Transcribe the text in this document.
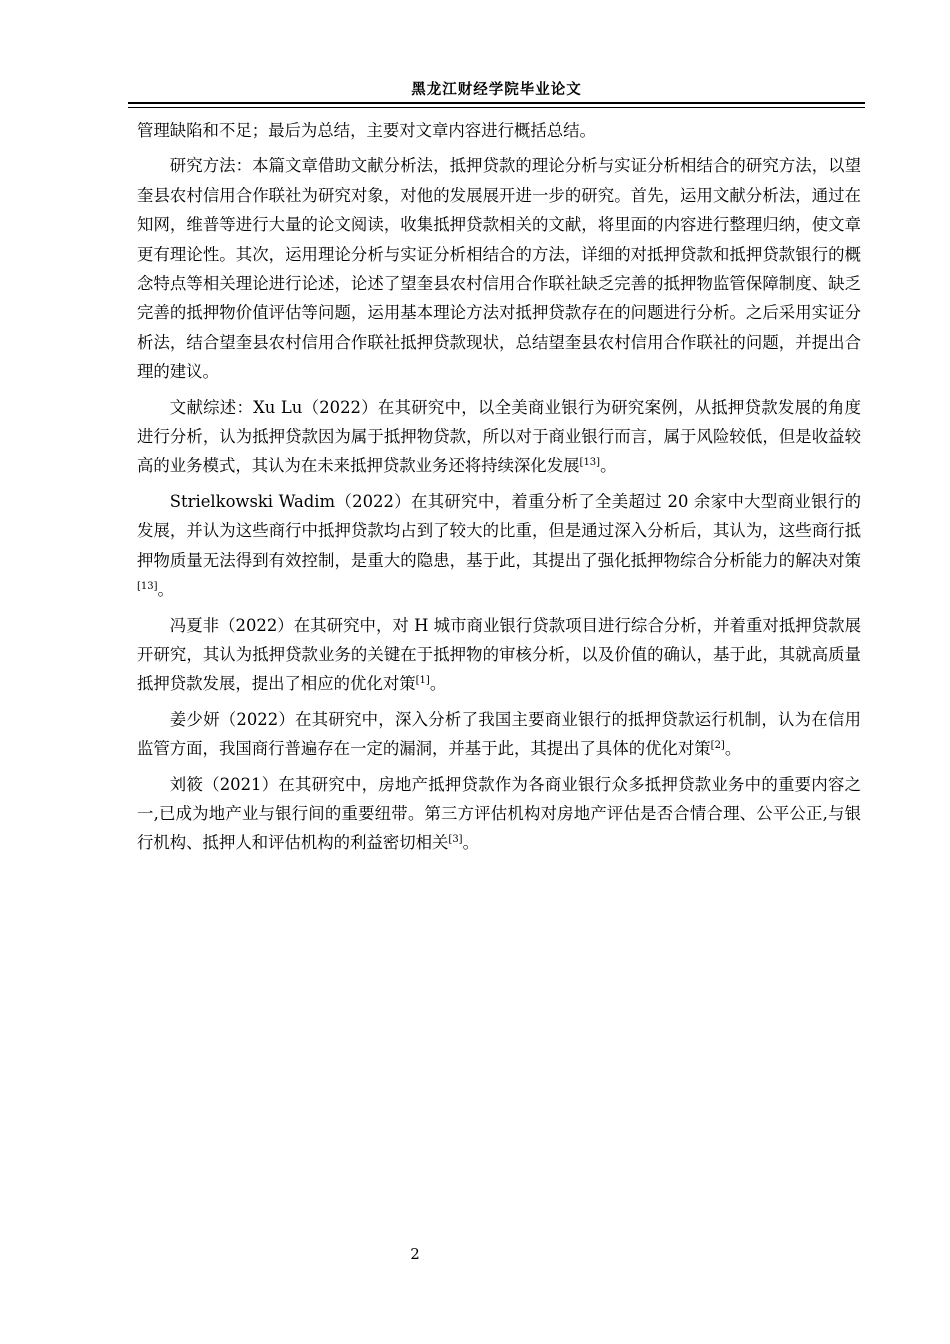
黑龙江财经学院毕业论文

管理缺陷和不足；最后为总结，主要对文章内容进行概括总结。

研究方法：本篇文章借助文献分析法，抵押贷款的理论分析与实证分析相结合的研究方法，以望奎县农村信用合作联社为研究对象，对他的发展展开进一步的研究。首先，运用文献分析法，通过在知网，维普等进行大量的论文阅读，收集抵押贷款相关的文献，将里面的内容进行整理归纳，使文章更有理论性。其次，运用理论分析与实证分析相结合的方法，详细的对抵押贷款和抵押贷款银行的概念特点等相关理论进行论述，论述了望奎县农村信用合作联社缺乏完善的抵押物监管保障制度、缺乏完善的抵押物价值评估等问题，运用基本理论方法对抵押贷款存在的问题进行分析。之后采用实证分析法，结合望奎县农村信用合作联社抵押贷款现状，总结望奎县农村信用合作联社的问题，并提出合理的建议。

文献综述：Xu Lu（2022）在其研究中，以全美商业银行为研究案例，从抵押贷款发展的角度进行分析，认为抵押贷款因为属于抵押物贷款，所以对于商业银行而言，属于风险较低，但是收益较高的业务模式，其认为在未来抵押贷款业务还将持续深化发展[13]。

Strielkowski Wadim（2022）在其研究中，着重分析了全美超过 20 余家中大型商业银行的发展，并认为这些商行中抵押贷款均占到了较大的比重，但是通过深入分析后，其认为，这些商行抵押物质量无法得到有效控制，是重大的隐患，基于此，其提出了强化抵押物综合分析能力的解决对策[13]。

冯夏非（2022）在其研究中，对 H 城市商业银行贷款项目进行综合分析，并着重对抵押贷款展开研究，其认为抵押贷款业务的关键在于抵押物的审核分析，以及价值的确认，基于此，其就高质量抵押贷款发展，提出了相应的优化对策[1]。

姜少妍（2022）在其研究中，深入分析了我国主要商业银行的抵押贷款运行机制，认为在信用监管方面，我国商行普遍存在一定的漏洞，并基于此，其提出了具体的优化对策[2]。

刘筱（2021）在其研究中，房地产抵押贷款作为各商业银行众多抵押贷款业务中的重要内容之一,已成为地产业与银行间的重要纽带。第三方评估机构对房地产评估是否合情合理、公平公正,与银行机构、抵押人和评估机构的利益密切相关[3]。

2
